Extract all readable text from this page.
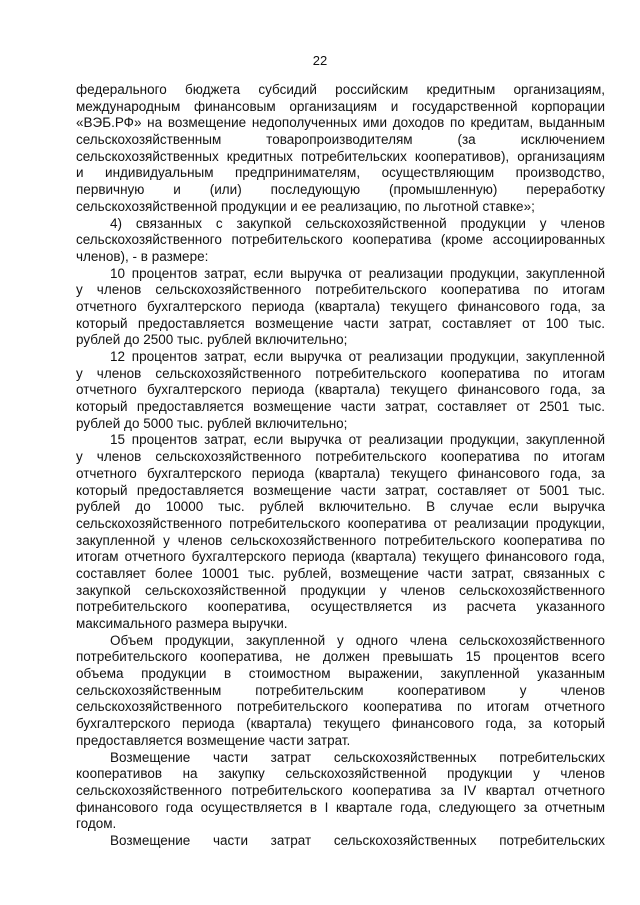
22
федерального бюджета субсидий российским кредитным организациям,
международным финансовым организациям и государственной корпорации
«ВЭБ.РФ» на возмещение недополученных ими доходов по кредитам, выданным
сельскохозяйственным товаропроизводителям (за исключением
сельскохозяйственных кредитных потребительских кооперативов), организациям
и индивидуальным предпринимателям, осуществляющим производство,
первичную и (или) последующую (промышленную) переработку
сельскохозяйственной продукции и ее реализацию, по льготной ставке»;
4) связанных с закупкой сельскохозяйственной продукции у членов
сельскохозяйственного потребительского кооператива (кроме ассоциированных
членов), - в размере:
10 процентов затрат, если выручка от реализации продукции, закупленной
у членов сельскохозяйственного потребительского кооператива по итогам
отчетного бухгалтерского периода (квартала) текущего финансового года, за
который предоставляется возмещение части затрат, составляет от 100 тыс.
рублей до 2500 тыс. рублей включительно;
12 процентов затрат, если выручка от реализации продукции, закупленной
у членов сельскохозяйственного потребительского кооператива по итогам
отчетного бухгалтерского периода (квартала) текущего финансового года, за
который предоставляется возмещение части затрат, составляет от 2501 тыс.
рублей до 5000 тыс. рублей включительно;
15 процентов затрат, если выручка от реализации продукции, закупленной
у членов сельскохозяйственного потребительского кооператива по итогам
отчетного бухгалтерского периода (квартала) текущего финансового года, за
который предоставляется возмещение части затрат, составляет от 5001 тыс.
рублей до 10000 тыс. рублей включительно. В случае если выручка
сельскохозяйственного потребительского кооператива от реализации продукции,
закупленной у членов сельскохозяйственного потребительского кооператива по
итогам отчетного бухгалтерского периода (квартала) текущего финансового года,
составляет более 10001 тыс. рублей, возмещение части затрат, связанных с
закупкой сельскохозяйственной продукции у членов сельскохозяйственного
потребительского кооператива, осуществляется из расчета указанного
максимального размера выручки.
Объем продукции, закупленной у одного члена сельскохозяйственного
потребительского кооператива, не должен превышать 15 процентов всего
объема продукции в стоимостном выражении, закупленной указанным
сельскохозяйственным потребительским кооперативом у членов
сельскохозяйственного потребительского кооператива по итогам отчетного
бухгалтерского периода (квартала) текущего финансового года, за который
предоставляется возмещение части затрат.
Возмещение части затрат сельскохозяйственных потребительских
кооперативов на закупку сельскохозяйственной продукции у членов
сельскохозяйственного потребительского кооператива за IV квартал отчетного
финансового года осуществляется в I квартале года, следующего за отчетным
годом.
Возмещение части затрат сельскохозяйственных потребительских
